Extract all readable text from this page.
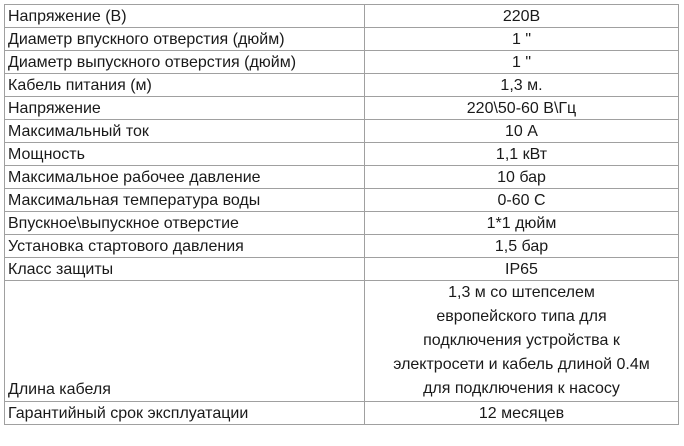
Напряжение (В)	220В
Диаметр впускного отверстия (дюйм)	1 "
Диаметр выпускного отверстия (дюйм)	1 "
Кабель питания (м)	1,3 м.
Напряжение	220\50-60 В\Гц
Максимальный ток	10 А
Мощность	1,1 кВт
Максимальное рабочее давление	10 бар
Максимальная температура воды	0-60 С
Впускное\выпускное отверстие	1*1 дюйм
Установка стартового давления	1,5 бар
Класс защиты	IP65
Длина кабеля	1,3 м со штепселем
европейского типа для
подключения устройства к
электросети и кабель длиной 0.4м
для подключения к насосу

Гарантийный срок эксплуатации	12 месяцев
